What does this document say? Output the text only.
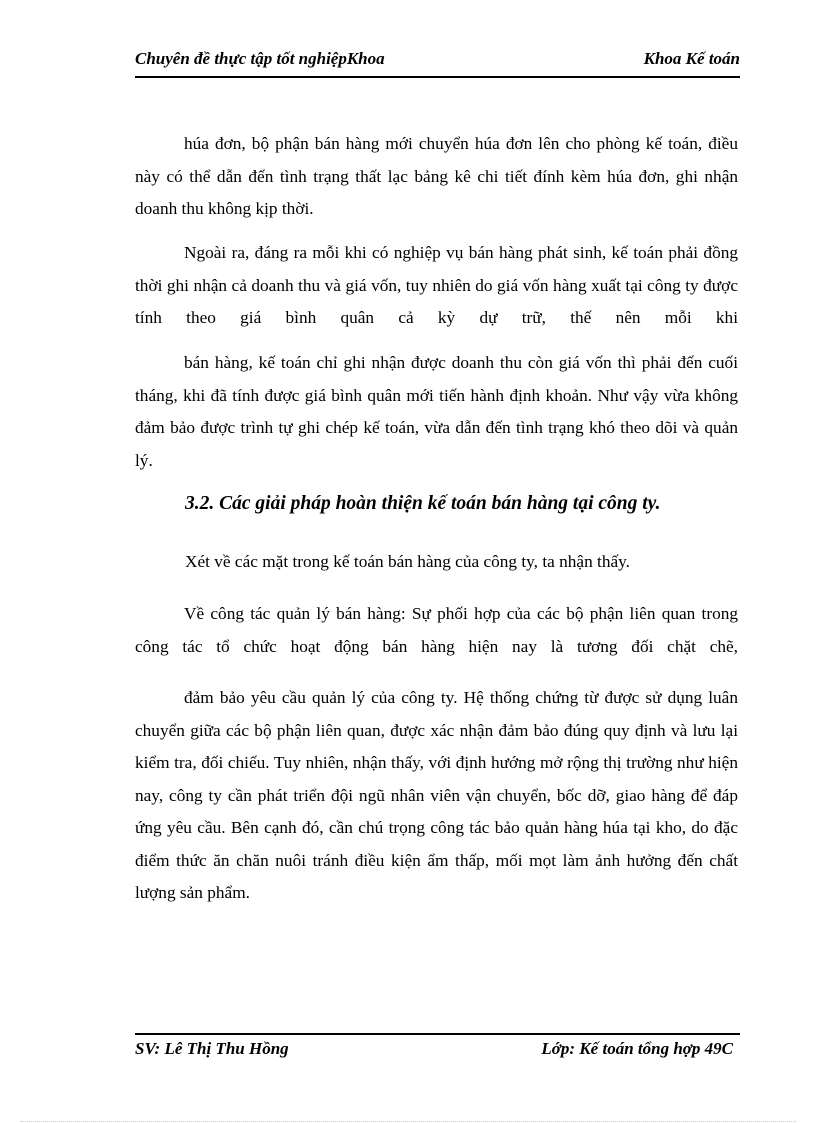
Chuyên đề thực tập tốt nghiệpKhoa	Khoa Kế toán

húa đơn, bộ phận bán hàng mới chuyển húa đơn lên cho phòng kế toán, điều này có thể dẫn đến tình trạng thất lạc bảng kê chi tiết đính kèm húa đơn, ghi nhận doanh thu không kịp thời.

Ngoài ra, đáng ra mỗi khi có nghiệp vụ bán hàng phát sinh, kế toán phải đồng thời ghi nhận cả doanh thu và giá vốn, tuy nhiên do giá vốn hàng xuất tại công ty được tính theo giá bình quân cả kỳ dự trữ, thế nên mỗi khi

bán hàng, kế toán chỉ ghi nhận được doanh thu còn giá vốn thì phải đến cuối tháng, khi đã tính được giá bình quân mới tiến hành định khoản. Như vậy vừa không đảm bảo được trình tự ghi chép kế toán, vừa dẫn đến tình trạng khó theo dõi và quản lý.

3.2. Các giải pháp hoàn thiện kế toán bán hàng tại công ty.

Xét về các mặt trong kế toán bán hàng của công ty, ta nhận thấy.

Về công tác quản lý bán hàng: Sự phối hợp của các bộ phận liên quan trong công tác tổ chức hoạt động bán hàng hiện nay là tương đối chặt chẽ,

đảm bảo yêu cầu quản lý của công ty. Hệ thống chứng từ được sử dụng luân chuyển giữa các bộ phận liên quan, được xác nhận đảm bảo đúng quy định và lưu lại kiểm tra, đối chiếu. Tuy nhiên, nhận thấy, với định hướng mở rộng thị trường như hiện nay, công ty cần phát triển đội ngũ nhân viên vận chuyển, bốc dỡ, giao hàng để đáp ứng yêu cầu. Bên cạnh đó, cần chú trọng công tác bảo quản hàng húa tại kho, do đặc điểm thức ăn chăn nuôi tránh điều kiện ẩm thấp, mối mọt làm ảnh hưởng đến chất lượng sản phẩm.

SV: Lê Thị Thu Hồng	Lớp: Kế toán tổng hợp 49C
